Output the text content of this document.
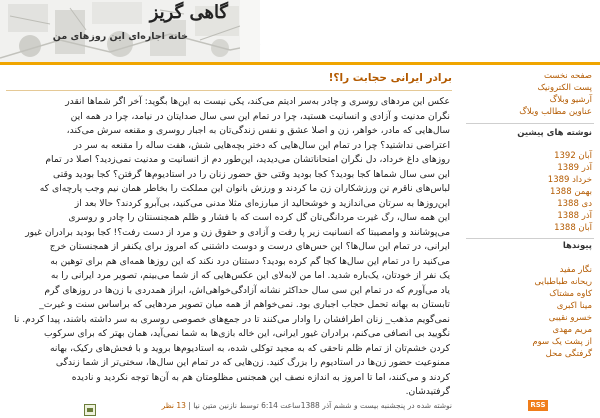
گاهی گریز
خانه اجاره‌ای این روزهای من
برادر ایرانی حجابت را؟!
عکس این مردهای روسری و چادر به‌سر ادیتم می‌کند، یکی نیست به این‌ها بگوید: آخر اگر شماها انقدر
نگران مدنیت و آزادی و انسانیت هستید، چرا در تمام این سی سال صدایتان در نیامد، چرا در همه این
سال‌هایی که مادر، خواهر، زن و اصلا عشق و نفس زندگی‌تان به اجبار روسری و مقنعه سرش می‌کند،
اعتراضی نداشتید؟ چرا در تمام این سال‌هایی که دختر بچه‌هایی شش، هفت ساله را مقنعه به سر در
روزهای داغ خرداد، دل نگران امتحاناتشان می‌دیدید، این‌طور دم از انسانیت و مدنیت نمی‌زدید؟ اصلا در تمام
این سی سال شماها کجا بودید؟ کجا بودید وقتی حق حضور زنان را در استادیوم‌ها گرفتن؟ کجا بودید وقتی
لباس‌های ناقرم تن ورزشکاران زن ما کردند و ورزش بانوان این مملکت را بخاطر همان نیم وجب پارچه‌ای که
این‌روزها به سرتان می‌اندازید و خوشحالید از مبارزه‌ای مثلا مدنی می‌کنید، بی‌آبرو کردند؟ حالا بعد از
این همه سال، رگ غیرت مردانگی‌تان گل کرده است که با فشار و ظلم همجنسنتان را چادر و روسری
می‌پوشانند و وامصیبتا که انسانیت زیر پا رفت و آزادی و حقوق زن و مرد از دست رفت؟! کجا بودید برادران غیور
ایرانی، در تمام این سال‌ها؟ این حس‌های درست و دوست داشتنی که امروز برای یکنفر از همجنستان خرج
می‌کنید را در تمام این سال‌ها کجا گم کرده بودید؟ دستتان درد نکند که این روزها همه‌ای هم برای توهین به
یک نفر از خودتان، یک‌باره شدید. اما من لابه‌لای این عکس‌هایی که از شما می‌بینم، تصویر مرد ایرانی را به
یاد می‌آورم که در تمام این سی سال حداکثر نشانه آزادگی‌خواهی‌اش، ابراز همدردی با زن‌ها در روزهای گرم
تابستان به بهانه تحمل حجاب اجباری بود. نمی‌خواهم از همه میان تصویر مردهایی که براساس سنت و غیرت_
نمی‌گویم مذهب_ زنان اطرافشان را وادار می‌کنند تا در جمع‌های خصوصی روسری به سر داشته باشند، پیدا کردم. نا
نگویید بی انصافی می‌کنم، برادران غیور ایرانی، این خاله بازی‌ها به شما نمی‌آید، همان بهتر که برای سرکوب
کردن خشم‌تان از تمام ظلم ناحقی که به مجید توکلی شده، به استادیوم‌ها بروید و با فحش‌های رکیک، بهانه
ممنوعیت حضور زن‌ها در استادیوم را بزرگ کنید. زن‌هایی که در تمام این سال‌ها، سختی‌تر از شما زندگی
کردند و می‌کنند، اما تا امروز به اندازه نصف این همجنس مظلومتان هم به آن‌ها توجه نکردید و نادیده
گرفتیدشان.
نوشته شده در پنجشنبه بیست و ششم آذر 1388ساعت 6:14 توسط نازنین متین نیا | 13 نظر
صفحه نخست
پست الکترونیک
آرشیو وبلاگ
عناوین مطالب وبلاگ
نوشته های پیشین
آبان 1392
آذر 1389
خرداد 1389
بهمن 1388
دی 1388
آذر 1388
آبان 1388
پیوندها
نگار مفید
ریحانه طباطبایی
کاوه مشتاک
مینا اکبری
خسرو نقیبی
مریم مهدی
از پشت یک سوم
گرفتگی محل
RSS
